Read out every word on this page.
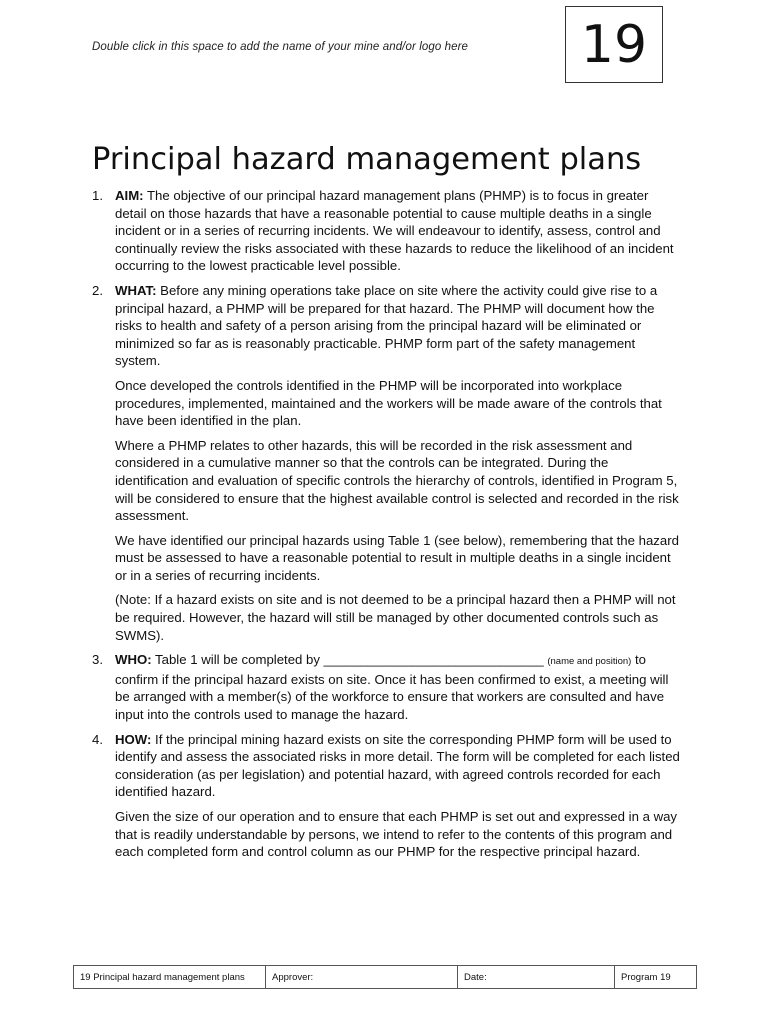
Double click in this space to add the name of your mine and/or logo here 19
Principal hazard management plans
1. AIM: The objective of our principal hazard management plans (PHMP) is to focus in greater detail on those hazards that have a reasonable potential to cause multiple deaths in a single incident or in a series of recurring incidents. We will endeavour to identify, assess, control and continually review the risks associated with these hazards to reduce the likelihood of an incident occurring to the lowest practicable level possible.

2. WHAT: Before any mining operations take place on site where the activity could give rise to a principal hazard, a PHMP will be prepared for that hazard. The PHMP will document how the risks to health and safety of a person arising from the principal hazard will be eliminated or minimized so far as is reasonably practicable. PHMP form part of the safety management system.

Once developed the controls identified in the PHMP will be incorporated into workplace procedures, implemented, maintained and the workers will be made aware of the controls that have been identified in the plan.

Where a PHMP relates to other hazards, this will be recorded in the risk assessment and considered in a cumulative manner so that the controls can be integrated. During the identification and evaluation of specific controls the hierarchy of controls, identified in Program 5, will be considered to ensure that the highest available control is selected and recorded in the risk assessment.

We have identified our principal hazards using Table 1 (see below), remembering that the hazard must be assessed to have a reasonable potential to result in multiple deaths in a single incident or in a series of recurring incidents.

(Note: If a hazard exists on site and is not deemed to be a principal hazard then a PHMP will not be required. However, the hazard will still be managed by other documented controls such as SWMS).

3. WHO: Table 1 will be completed by ______________________________ (name and position) to confirm if the principal hazard exists on site. Once it has been confirmed to exist, a meeting will be arranged with a member(s) of the workforce to ensure that workers are consulted and have input into the controls used to manage the hazard.

4. HOW: If the principal mining hazard exists on site the corresponding PHMP form will be used to identify and assess the associated risks in more detail. The form will be completed for each listed consideration (as per legislation) and potential hazard, with agreed controls recorded for each identified hazard.

Given the size of our operation and to ensure that each PHMP is set out and expressed in a way that is readily understandable by persons, we intend to refer to the contents of this program and each completed form and control column as our PHMP for the respective principal hazard.

19 Principal hazard management plans	Approver:	Date:	Program 19
